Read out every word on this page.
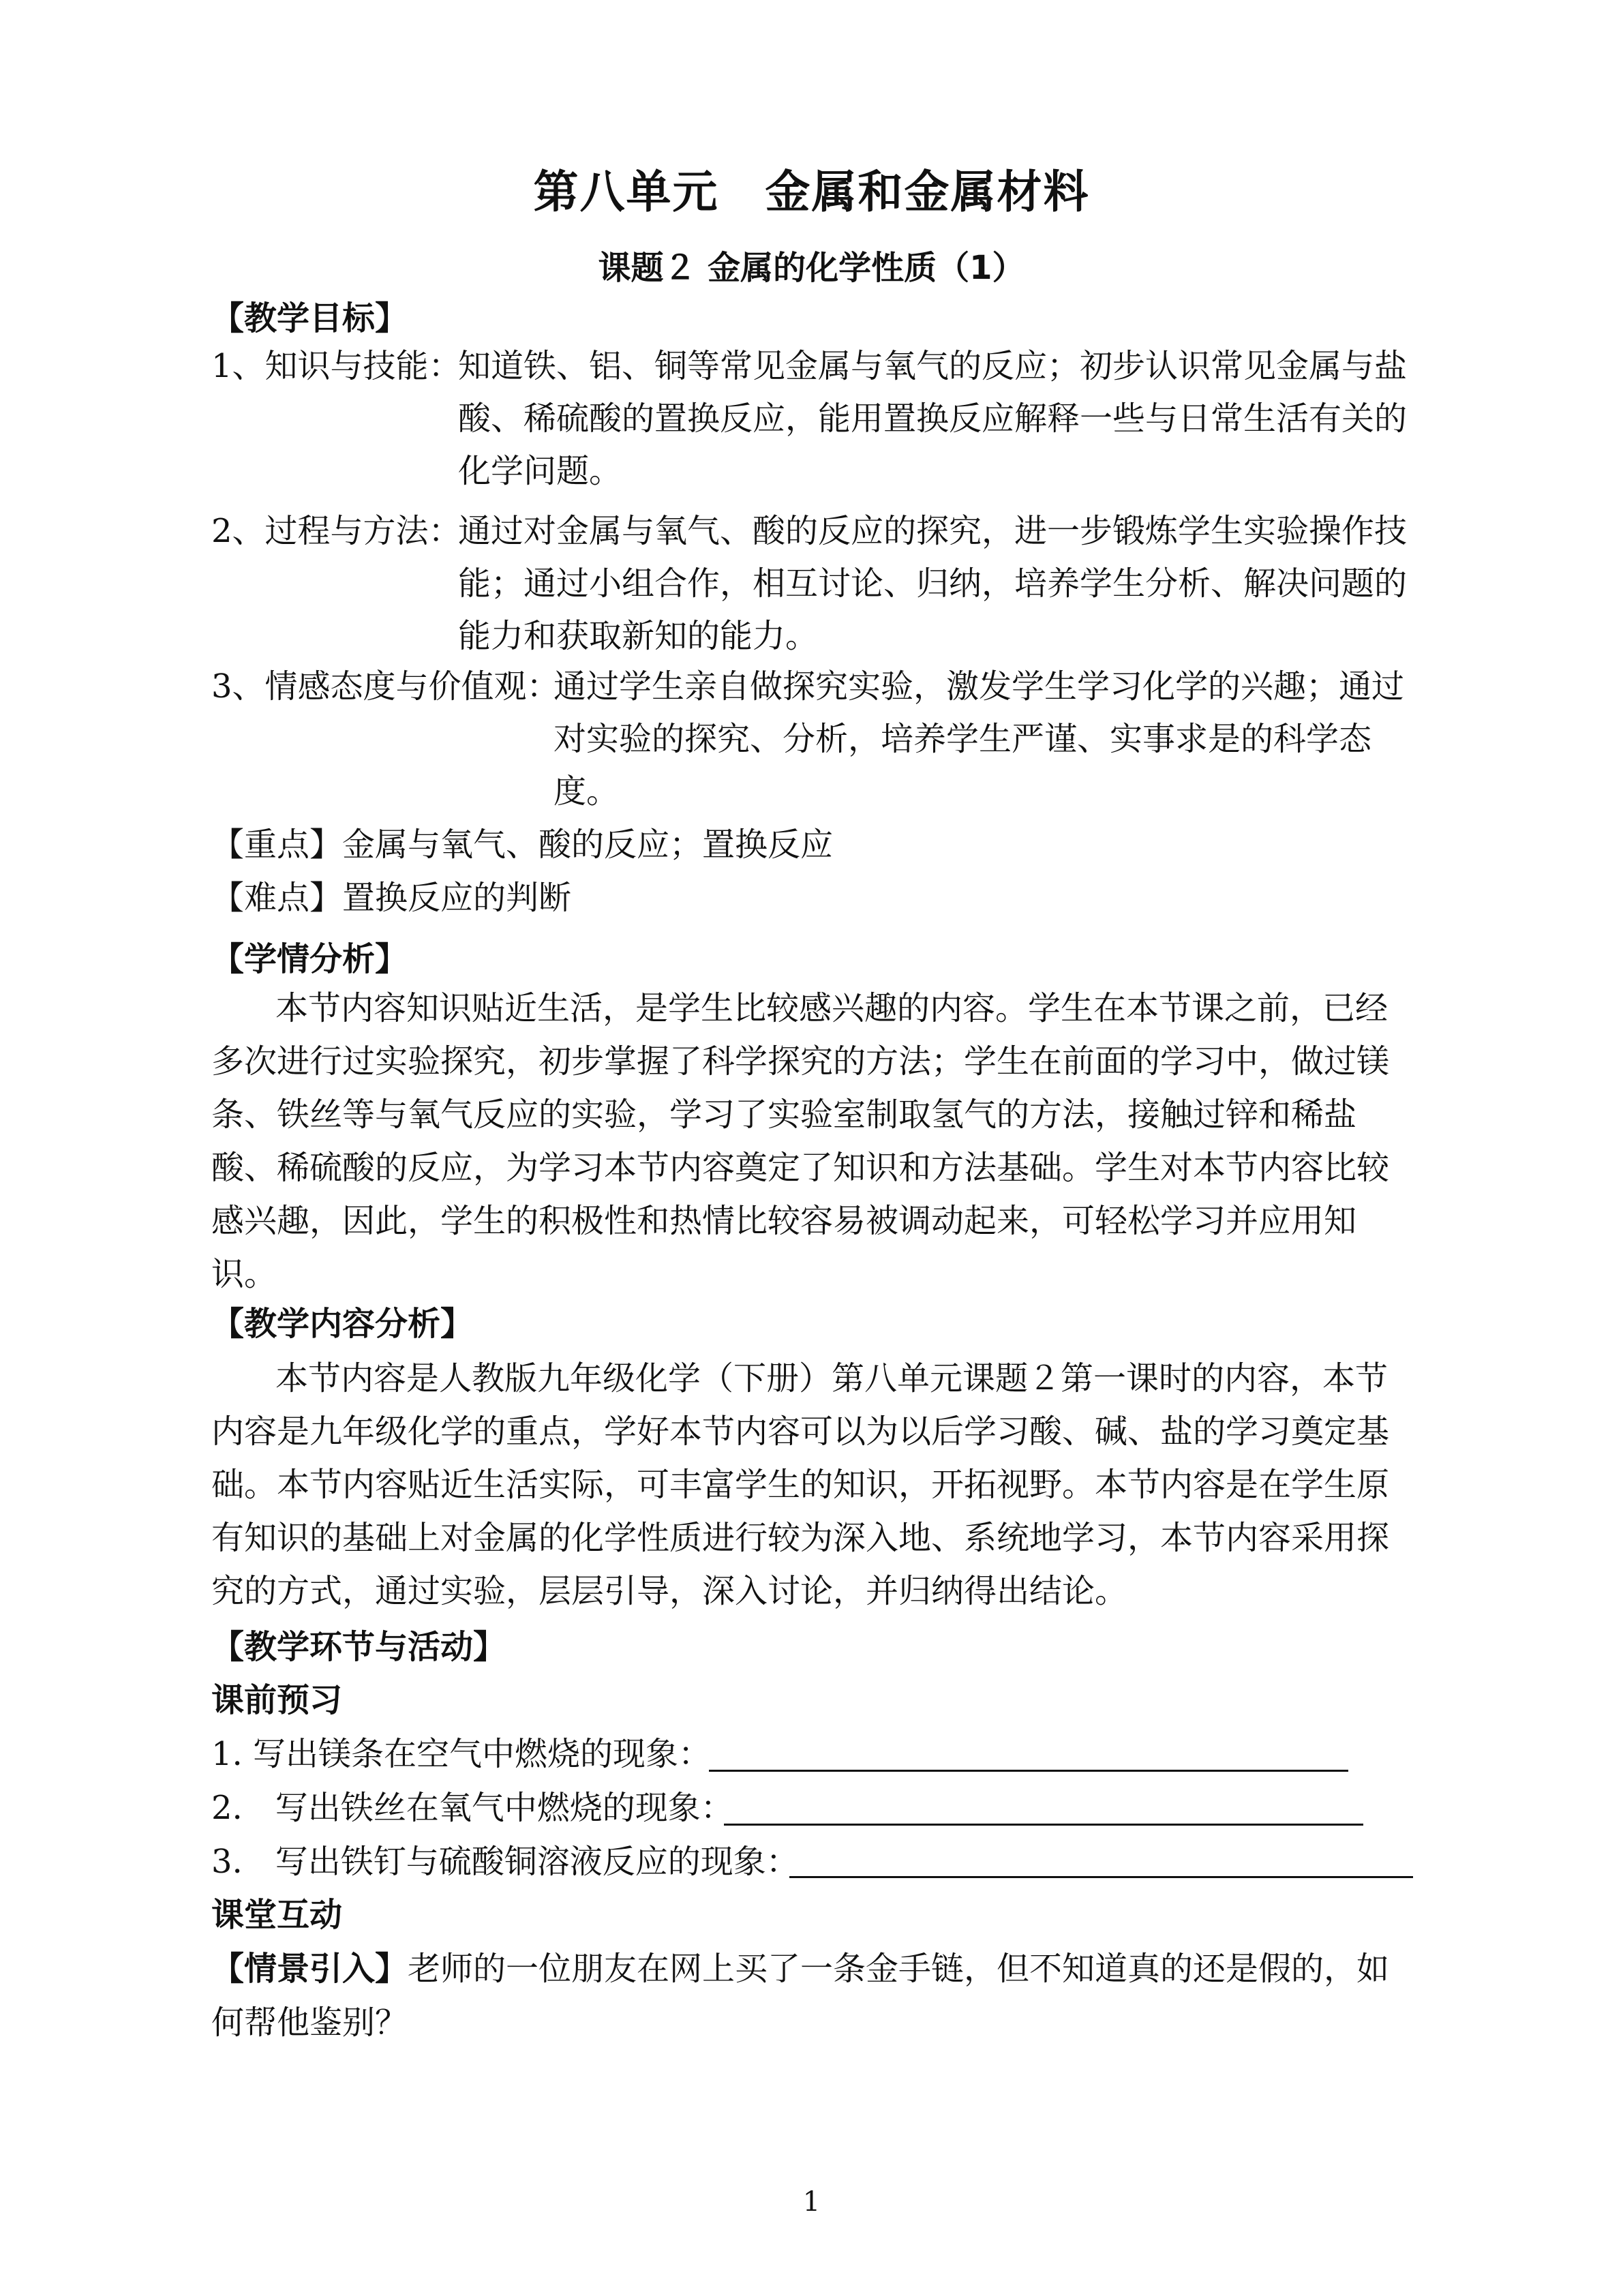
第八单元　金属和金属材料
课题２ 金属的化学性质（1）
【教学目标】
1、知识与技能：
知道铁、铝、铜等常见金属与氧气的反应；初步认识常见金属与盐
酸、稀硫酸的置换反应，能用置换反应解释一些与日常生活有关的
化学问题。
2、过程与方法：
通过对金属与氧气、酸的反应的探究，进一步锻炼学生实验操作技
能；通过小组合作，相互讨论、归纳，培养学生分析、解决问题的
能力和获取新知的能力。
3、情感态度与价值观：
通过学生亲自做探究实验，激发学生学习化学的兴趣；通过
对实验的探究、分析，培养学生严谨、实事求是的科学态
度。
【重点】金属与氧气、酸的反应；置换反应
【难点】置换反应的判断
【学情分析】
本节内容知识贴近生活，是学生比较感兴趣的内容。学生在本节课之前，已经
多次进行过实验探究，初步掌握了科学探究的方法；学生在前面的学习中，做过镁
条、铁丝等与氧气反应的实验，学习了实验室制取氢气的方法，接触过锌和稀盐
酸、稀硫酸的反应，为学习本节内容奠定了知识和方法基础。学生对本节内容比较
感兴趣，因此，学生的积极性和热情比较容易被调动起来，可轻松学习并应用知
识。
【教学内容分析】
本节内容是人教版九年级化学（下册）第八单元课题２第一课时的内容，本节
内容是九年级化学的重点，学好本节内容可以为以后学习酸、碱、盐的学习奠定基
础。本节内容贴近生活实际，可丰富学生的知识，开拓视野。本节内容是在学生原
有知识的基础上对金属的化学性质进行较为深入地、系统地学习，本节内容采用探
究的方式，通过实验，层层引导，深入讨论，并归纳得出结论。
【教学环节与活动】
课前预习
1. 写出镁条在空气中燃烧的现象：
2.　写出铁丝在氧气中燃烧的现象：
3.　写出铁钉与硫酸铜溶液反应的现象：
课堂互动
【情景引入】 老师的一位朋友在网上买了一条金手链，但不知道真的还是假的，如
何帮他鉴别？
1
